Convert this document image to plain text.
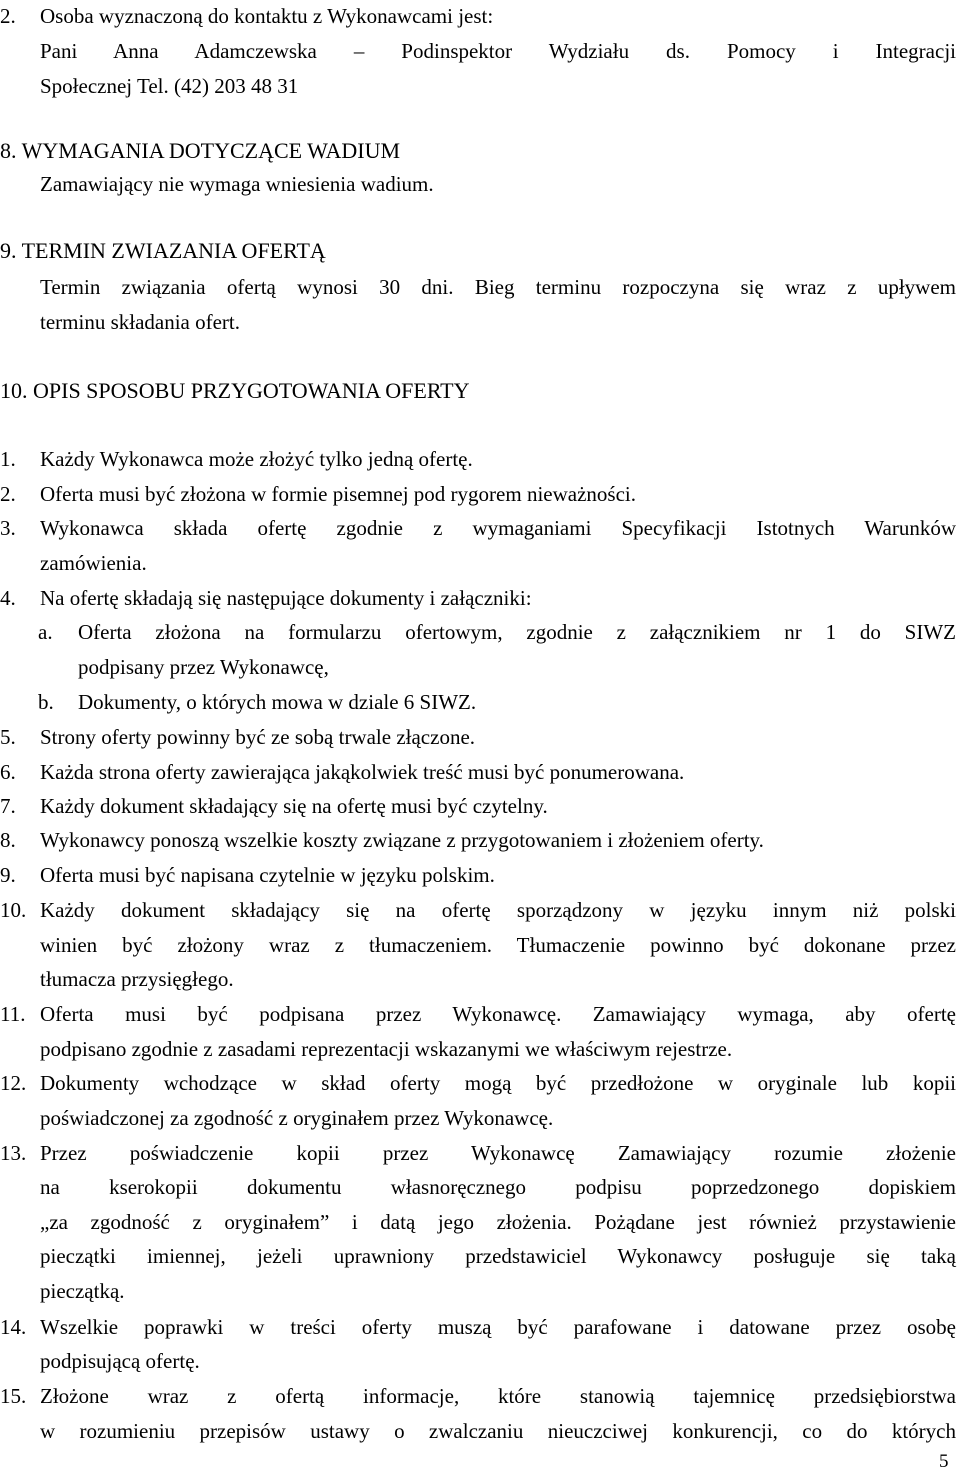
2. Osoba wyznaczoną do kontaktu z Wykonawcami jest:
Pani Anna Adamczewska – Podinspektor Wydziału ds. Pomocy i Integracji
Społecznej Tel. (42) 203 48 31
8. WYMAGANIA DOTYCZĄCE WADIUM
Zamawiający nie wymaga wniesienia wadium.
9. TERMIN ZWIAZANIA OFERTĄ
Termin związania ofertą wynosi 30 dni. Bieg terminu rozpoczyna się wraz z upływem
terminu składania ofert.
10. OPIS SPOSOBU PRZYGOTOWANIA OFERTY
1. Każdy Wykonawca może złożyć tylko jedną ofertę.
2. Oferta musi być złożona w formie pisemnej pod rygorem nieważności.
3. Wykonawca składa ofertę zgodnie z wymaganiami Specyfikacji Istotnych Warunków
zamówienia.
4. Na ofertę składają się następujące dokumenty i załączniki:
a. Oferta złożona na formularzu ofertowym, zgodnie z załącznikiem nr 1 do SIWZ
podpisany przez Wykonawcę,
b. Dokumenty, o których mowa w dziale 6 SIWZ.
5. Strony oferty powinny być ze sobą trwale złączone.
6. Każda strona oferty zawierająca jakąkolwiek treść musi być ponumerowana.
7. Każdy dokument składający się na ofertę musi być czytelny.
8. Wykonawcy ponoszą wszelkie koszty związane z przygotowaniem i złożeniem oferty.
9. Oferta musi być napisana czytelnie w języku polskim.
10. Każdy dokument składający się na ofertę sporządzony w języku innym niż polski
winien być złożony wraz z tłumaczeniem. Tłumaczenie powinno być dokonane przez
tłumacza przysięgłego.
11. Oferta musi być podpisana przez Wykonawcę. Zamawiający wymaga, aby ofertę
podpisano zgodnie z zasadami reprezentacji wskazanymi we właściwym rejestrze.
12. Dokumenty wchodzące w skład oferty mogą być przedłożone w oryginale lub kopii
poświadczonej za zgodność z oryginałem przez Wykonawcę.
13. Przez poświadczenie kopii przez Wykonawcę Zamawiający rozumie złożenie
na kserokopii dokumentu własnoręcznego podpisu poprzedzonego dopiskiem
„za zgodność z oryginałem” i datą jego złożenia. Pożądane jest również przystawienie
pieczątki imiennej, jeżeli uprawniony przedstawiciel Wykonawcy posługuje się taką
pieczątką.
14. Wszelkie poprawki w treści oferty muszą być parafowane i datowane przez osobę
podpisującą ofertę.
15. Złożone wraz z ofertą informacje, które stanowią tajemnicę przedsiębiorstwa
w rozumieniu przepisów ustawy o zwalczaniu nieuczciwej konkurencji, co do których
5
